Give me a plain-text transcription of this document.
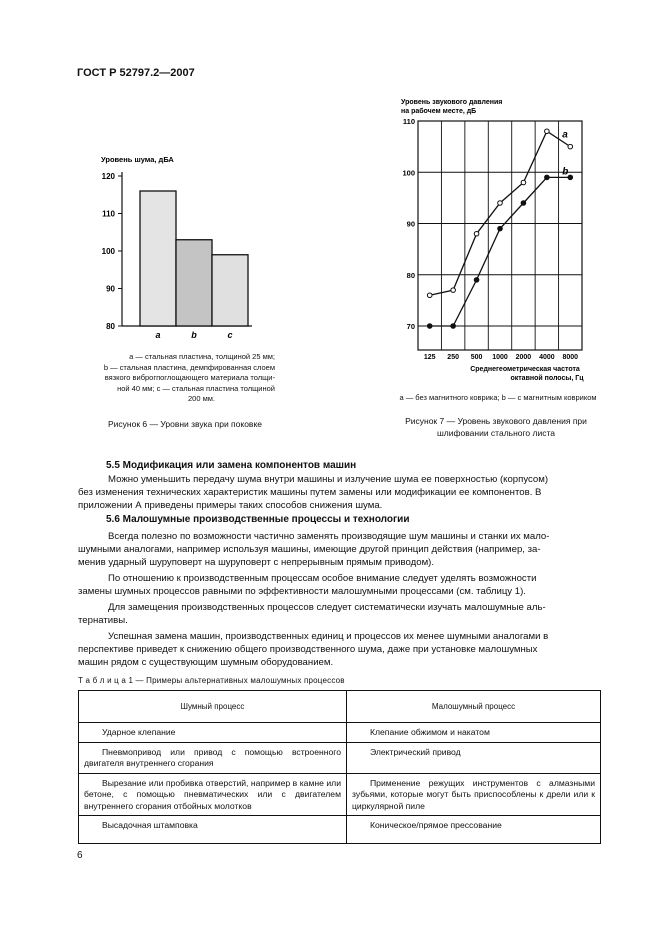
ГОСТ Р 52797.2—2007
Уровень шума, дБА
80
90
100
110
120
a	b	c
Уровень звукового давления
на рабочем месте, дБ
Среднегеометрическая частота
октавной полосы, Гц
70
80
90
100
110
125 250 500 1000 2000 4000 8000
a
b
а — стальная пластина, толщиной 25 мм;
b — стальная пластина, демпфированная слоем
вязкого виброгпоглощающего материала толщи-
ной 40 мм; с — стальная пластина толщиной
200 мм.
Рисунок 6 — Уровни звука при поковке
а — без магнитного коврика; b — с магнитным ковриком
Рисунок 7 — Уровень звукового давления при
шлифовании стального листа
5.5 Модификация или замена компонентов машин
Можно уменьшить передачу шума внутри машины и излучение шума ее поверхностью (корпусом)
без изменения технических характеристик машины путем замены или модификации ее компонентов. В
приложении А приведены примеры таких способов снижения шума.
5.6 Малошумные производственные процессы и технологии
Всегда полезно по возможности частично заменять производящие шум машины и станки их мало-
шумными аналогами, например используя машины, имеющие другой принцип действия (например, за-
менив ударный шуруповерт на шуруповерт с непрерывным прямым приводом).
По отношению к производственным процессам особое внимание следует уделять возможности
замены шумных процессов равными по эффективности малошумными процессами (см. таблицу 1).
Для замещения производственных процессов следует систематически изучать малошумные аль-
тернативы.
Успешная замена машин, производственных единиц и процессов их менее шумными аналогами в
перспективе приведет к снижению общего производственного шума, даже при установке малошумных
машин рядом с существующим шумным оборудованием.
Т а б л и ц а 1 — Примеры альтернативных малошумных процессов
Шумный процесс	Малошумный процесс

Ударное клепание	Клепание обжимом и накатом

Пневмопривод или привод с помощью встроенного двигателя внутреннего сгорания	Электрический привод

Вырезание или пробивка отверстий, например в камне или бетоне, с помощью пневматических или с двигателем внутреннего сгорания отбойных молотков	Применение режущих инструментов с алмазными зубьями, которые могут быть приспособлены к дрели или к циркулярной пиле

Высадочная штамповка	Коническое/прямое прессование

6
